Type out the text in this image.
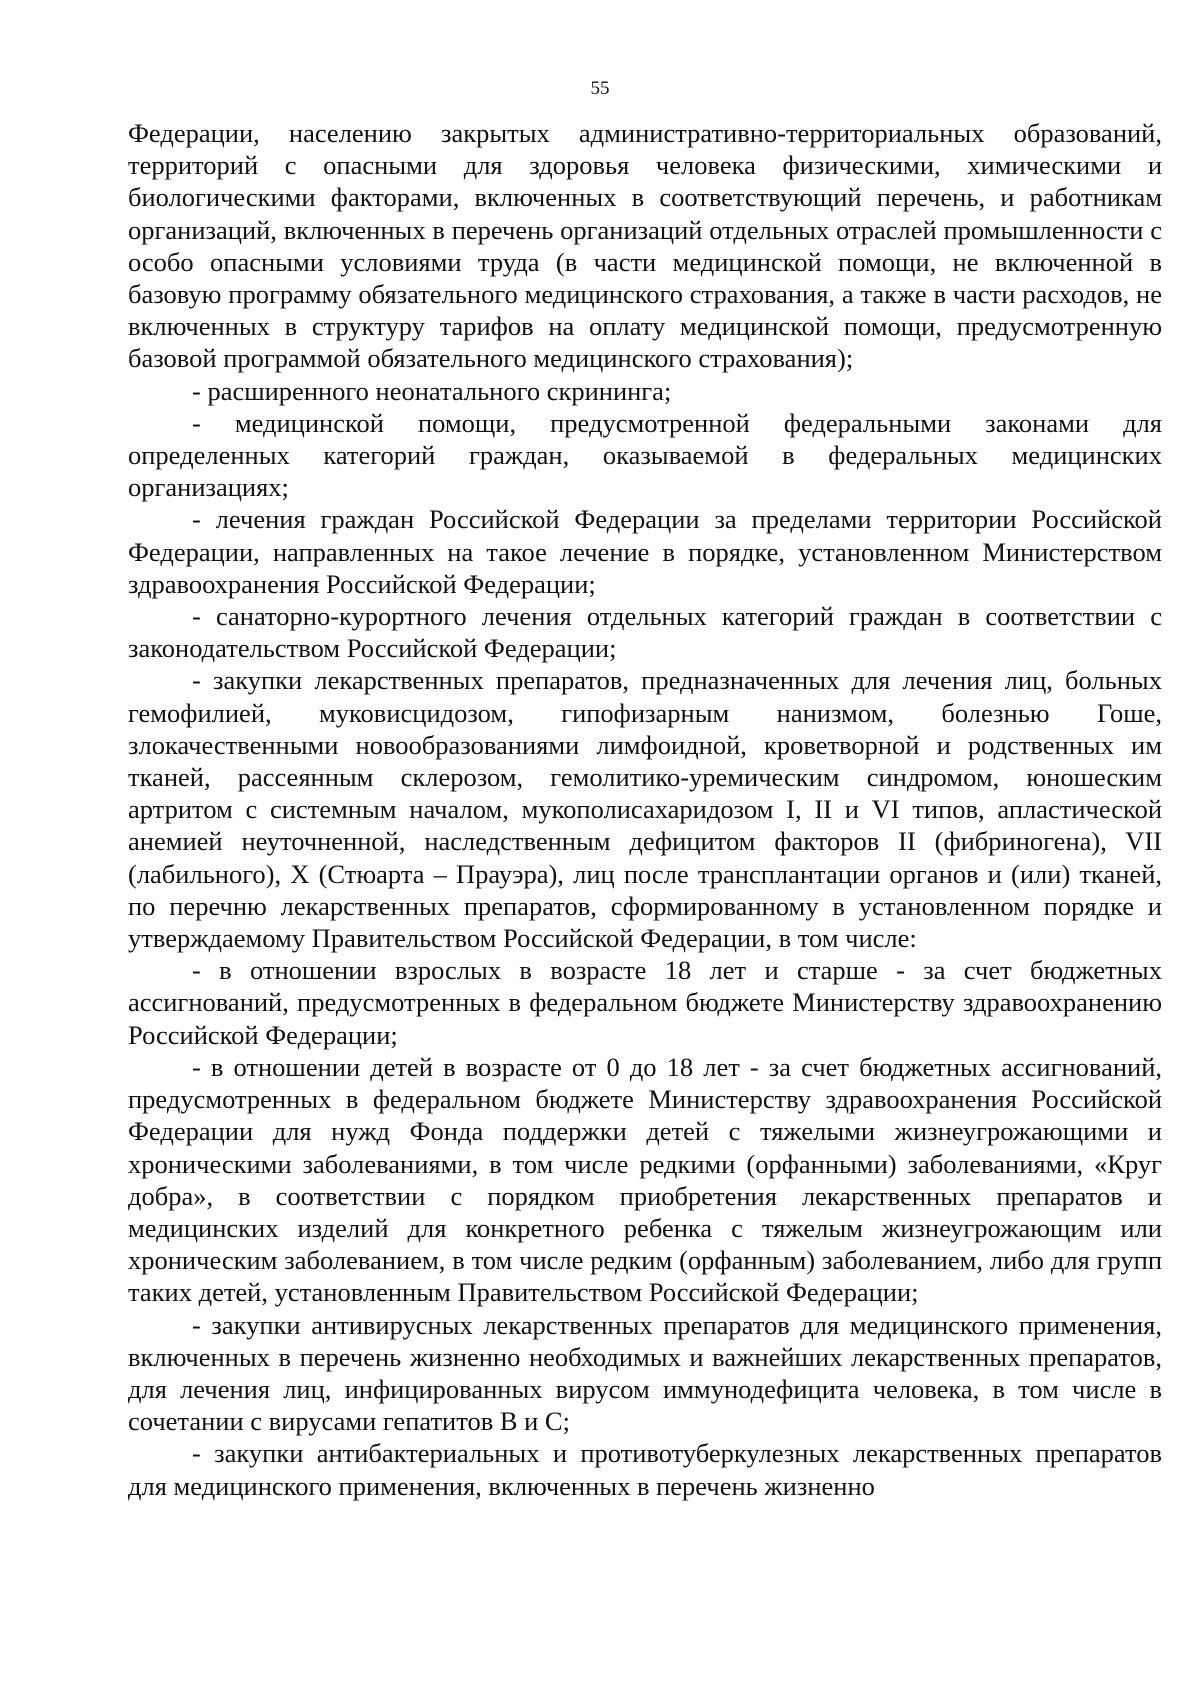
55

Федерации, населению закрытых административно-территориальных образований, территорий с опасными для здоровья человека физическими, химическими и биологическими факторами, включенных в соответствующий перечень, и работникам организаций, включенных в перечень организаций отдельных отраслей промышленности с особо опасными условиями труда (в части медицинской помощи, не включенной в базовую программу обязательного медицинского страхования, а также в части расходов, не включенных в структуру тарифов на оплату медицинской помощи, предусмотренную базовой программой обязательного медицинского страхования);

- расширенного неонатального скрининга;

- медицинской помощи, предусмотренной федеральными законами для определенных категорий граждан, оказываемой в федеральных медицинских организациях;

- лечения граждан Российской Федерации за пределами территории Российской Федерации, направленных на такое лечение в порядке, установленном Министерством здравоохранения Российской Федерации;

- санаторно-курортного лечения отдельных категорий граждан в соответствии с законодательством Российской Федерации;

- закупки лекарственных препаратов, предназначенных для лечения лиц, больных гемофилией, муковисцидозом, гипофизарным нанизмом, болезнью Гоше, злокачественными новообразованиями лимфоидной, кроветворной и родственных им тканей, рассеянным склерозом, гемолитико-уремическим синдромом, юношеским артритом с системным началом, мукополисахаридозом I, II и VI типов, апластической анемией неуточненной, наследственным дефицитом факторов II (фибриногена), VII (лабильного), X (Стюарта – Прауэра), лиц после трансплантации органов и (или) тканей, по перечню лекарственных препаратов, сформированному в установленном порядке и утверждаемому Правительством Российской Федерации, в том числе:

- в отношении взрослых в возрасте 18 лет и старше - за счет бюджетных ассигнований, предусмотренных в федеральном бюджете Министерству здравоохранению Российской Федерации;

- в отношении детей в возрасте от 0 до 18 лет - за счет бюджетных ассигнований, предусмотренных в федеральном бюджете Министерству здравоохранения Российской Федерации для нужд Фонда поддержки детей с тяжелыми жизнеугрожающими и хроническими заболеваниями, в том числе редкими (орфанными) заболеваниями, «Круг добра», в соответствии с порядком приобретения лекарственных препаратов и медицинских изделий для конкретного ребенка с тяжелым жизнеугрожающим или хроническим заболеванием, в том числе редким (орфанным) заболеванием, либо для групп таких детей, установленным Правительством Российской Федерации;

- закупки антивирусных лекарственных препаратов для медицинского применения, включенных в перечень жизненно необходимых и важнейших лекарственных препаратов, для лечения лиц, инфицированных вирусом иммунодефицита человека, в том числе в сочетании с вирусами гепатитов B и C;

- закупки антибактериальных и противотуберкулезных лекарственных препаратов для медицинского применения, включенных в перечень жизненно
